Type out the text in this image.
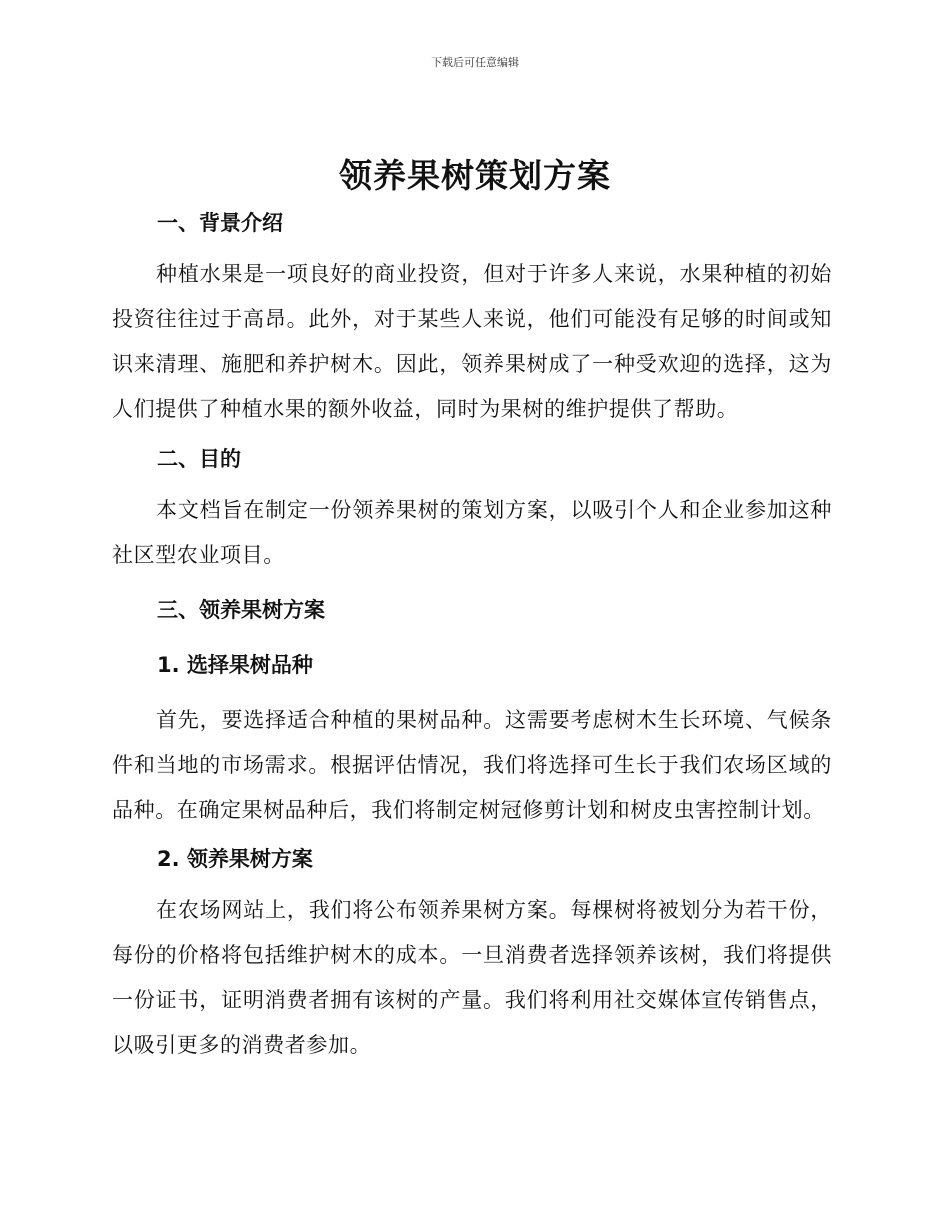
下载后可任意编辑
领养果树策划方案
一、背景介绍
种植水果是一项良好的商业投资，但对于许多人来说，水果种植的初始投资往往过于高昂。此外，对于某些人来说，他们可能没有足够的时间或知识来清理、施肥和养护树木。因此，领养果树成了一种受欢迎的选择，这为人们提供了种植水果的额外收益，同时为果树的维护提供了帮助。
二、目的
本文档旨在制定一份领养果树的策划方案，以吸引个人和企业参加这种社区型农业项目。
三、领养果树方案
1. 选择果树品种
首先，要选择适合种植的果树品种。这需要考虑树木生长环境、气候条件和当地的市场需求。根据评估情况，我们将选择可生长于我们农场区域的品种。在确定果树品种后，我们将制定树冠修剪计划和树皮虫害控制计划。
2. 领养果树方案
在农场网站上，我们将公布领养果树方案。每棵树将被划分为若干份，每份的价格将包括维护树木的成本。一旦消费者选择领养该树，我们将提供一份证书，证明消费者拥有该树的产量。我们将利用社交媒体宣传销售点，以吸引更多的消费者参加。
